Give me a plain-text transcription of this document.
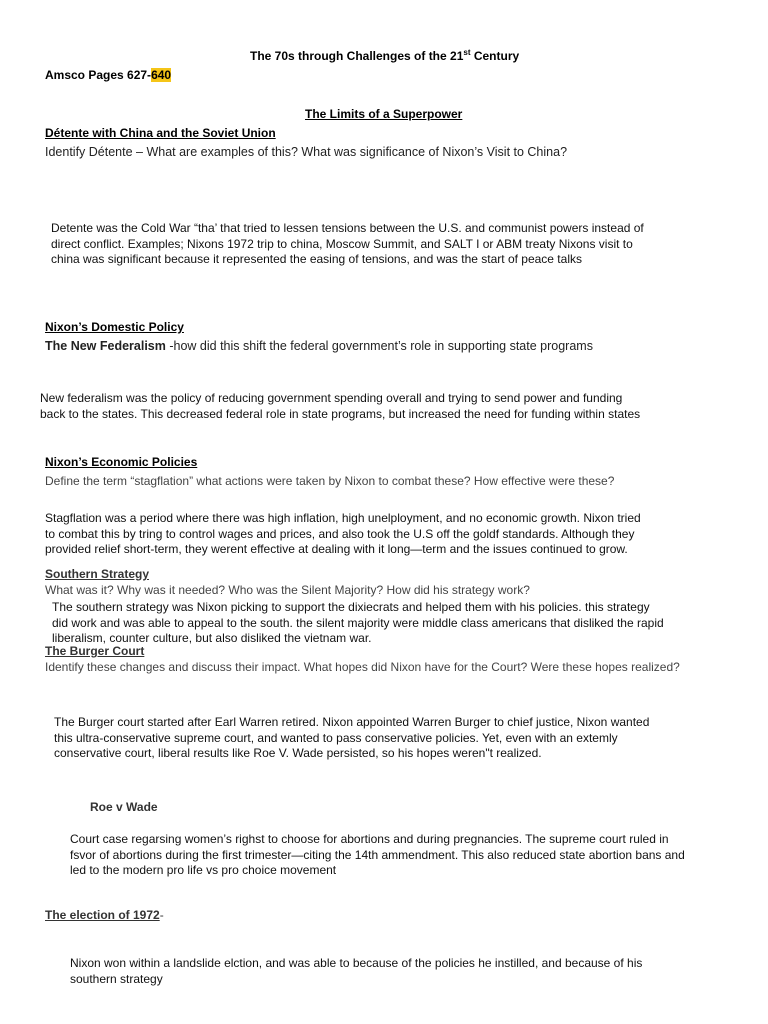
The 70s through Challenges of the 21st Century
Amsco Pages 627-640
The Limits of a Superpower
Détente with China and the Soviet Union
Identify Détente – What are examples of this? What was significance of Nixon’s Visit to China?
Detente was the Cold War “tha’ that tried to lessen tensions between the U.S. and communist powers instead of
direct conflict. Examples; Nixons 1972 trip to china, Moscow Summit, and SALT I or ABM treaty Nixons visit to
china was significant because it represented the easing of tensions, and was the start of peace talks
Nixon’s Domestic Policy
The New Federalism -how did this shift the federal government’s role in supporting state programs
New federalism was the policy of reducing government spending overall and trying to send power and funding
back to the states. This decreased federal role in state programs, but increased the need for funding within states
Nixon’s Economic Policies
Define the term “stagflation” what actions were taken by Nixon to combat these? How effective were these?
Stagflation was a period where there was high inflation, high unelployment, and no economic growth. Nixon tried
to combat this by tring to control wages and prices, and also took the U.S off the goldf standards. Although they
provided relief short-term, they werent effective at dealing with it long—term and the issues continued to grow.
Southern Strategy
What was it? Why was it needed? Who was the Silent Majority? How did his strategy work?
The southern strategy was Nixon picking to support the dixiecrats and helped them with his policies. this strategy
did work and was able to appeal to the south. the silent majority were middle class americans that disliked the rapid
liberalism, counter culture, but also disliked the vietnam war.
The Burger Court
Identify these changes and discuss their impact. What hopes did Nixon have for the Court? Were these hopes realized?
The Burger court started after Earl Warren retired. Nixon appointed Warren Burger to chief justice, Nixon wanted
this ultra-conservative supreme court, and wanted to pass conservative policies. Yet, even with an extemly
conservative court, liberal results like Roe V. Wade persisted, so his hopes weren"t realized.
Roe v Wade
Court case regarsing women’s righst to choose for abortions and during pregnancies. The supreme court ruled in
fsvor of abortions during the first trimester—citing the 14th ammendment. This also reduced state abortion bans and
led to the modern pro life vs pro choice movement
The election of 1972-
Nixon won within a landslide elction, and was able to because of the policies he instilled, and because of his
southern strategy
